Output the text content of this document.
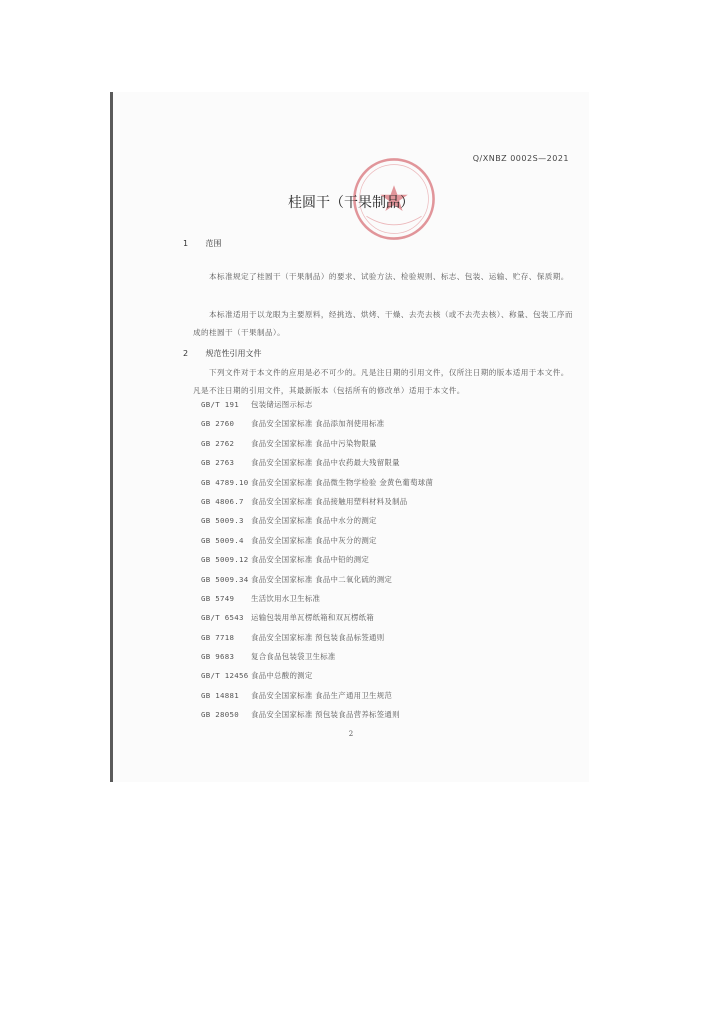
Q/XNBZ 0002S—2021
桂圆干（干果制品）
1 范围
本标准规定了桂圆干（干果制品）的要求、试验方法、检验规则、标志、包装、运输、贮存、保质期。
本标准适用于以龙眼为主要原料，经挑选、烘烤、干燥、去壳去核（或不去壳去核）、称量、包装工序而成的桂圆干（干果制品）。
2 规范性引用文件
下列文件对于本文件的应用是必不可少的。凡是注日期的引用文件，仅所注日期的版本适用于本文件。凡是不注日期的引用文件，其最新版本（包括所有的修改单）适用于本文件。
GB/T 191 包装储运图示标志
GB 2760 食品安全国家标准 食品添加剂使用标准
GB 2762 食品安全国家标准 食品中污染物限量
GB 2763 食品安全国家标准 食品中农药最大残留限量
GB 4789.10 食品安全国家标准 食品微生物学检验 金黄色葡萄球菌
GB 4806.7 食品安全国家标准 食品接触用塑料材料及制品
GB 5009.3 食品安全国家标准 食品中水分的测定
GB 5009.4 食品安全国家标准 食品中灰分的测定
GB 5009.12 食品安全国家标准 食品中铅的测定
GB 5009.34 食品安全国家标准 食品中二氧化硫的测定
GB 5749 生活饮用水卫生标准
GB/T 6543 运输包装用单瓦楞纸箱和双瓦楞纸箱
GB 7718 食品安全国家标准 预包装食品标签通则
GB 9683 复合食品包装袋卫生标准
GB/T 12456 食品中总酸的测定
GB 14881 食品安全国家标准 食品生产通用卫生规范
GB 28050 食品安全国家标准 预包装食品营养标签通则
2
